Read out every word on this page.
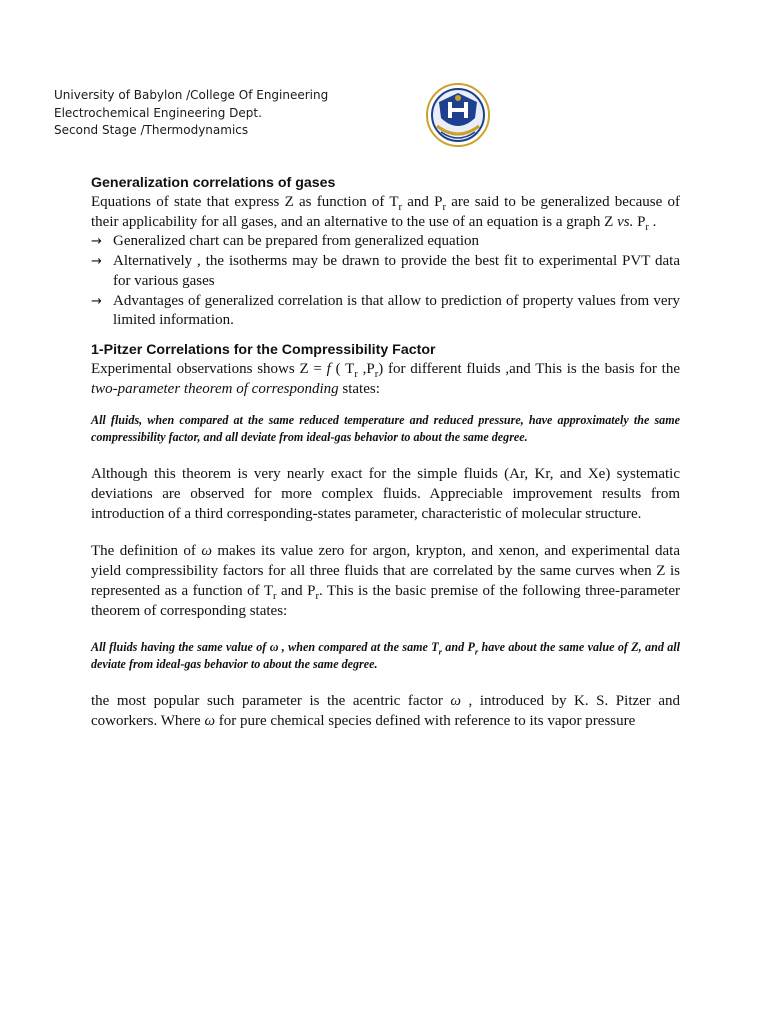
University of Babylon /College Of Engineering
Electrochemical Engineering Dept.
Second Stage /Thermodynamics
Generalization correlations of gases

Equations of state that express Z as function of $T_r$ and $P_r$ are said to be generalized because of their applicability for all gases, and an alternative to the use of an equation is a graph Z vs. $P_r$ .

→ Generalized chart can be prepared from generalized equation
→ Alternatively , the isotherms may be drawn to provide the best fit to experimental PVT data for various gases
→ Advantages of generalized correlation is that allow to prediction of property values from very limited information.
1-Pitzer Correlations for the Compressibility Factor

Experimental observations shows Z = f ( $T_r$ $,P_r$) for different fluids ,and This is the basis for the two-parameter theorem of corresponding states:

All fluids, when compared at the same reduced temperature and reduced pressure, have approximately the same compressibility factor, and all deviate from ideal-gas behavior to about the same degree.

Although this theorem is very nearly exact for the simple fluids (Ar, Kr, and Xe) systematic deviations are observed for more complex fluids. Appreciable improvement results from introduction of a third corresponding-states parameter, characteristic of molecular structure.

The definition of ω makes its value zero for argon, krypton, and xenon, and experimental data yield compressibility factors for all three fluids that are correlated by the same curves when Z is represented as a function of $T_r$ and $P_r$. This is the basic premise of the following three-parameter theorem of corresponding states:

All fluids having the same value of ω , when compared at the same $T_r$ and $P_r$ have about the same value of Z, and all deviate from ideal-gas behavior to about the same degree.

the most popular such parameter is the acentric factor ω , introduced by K. S. Pitzer and coworkers. Where ω for pure chemical species defined with reference to its vapor pressure
